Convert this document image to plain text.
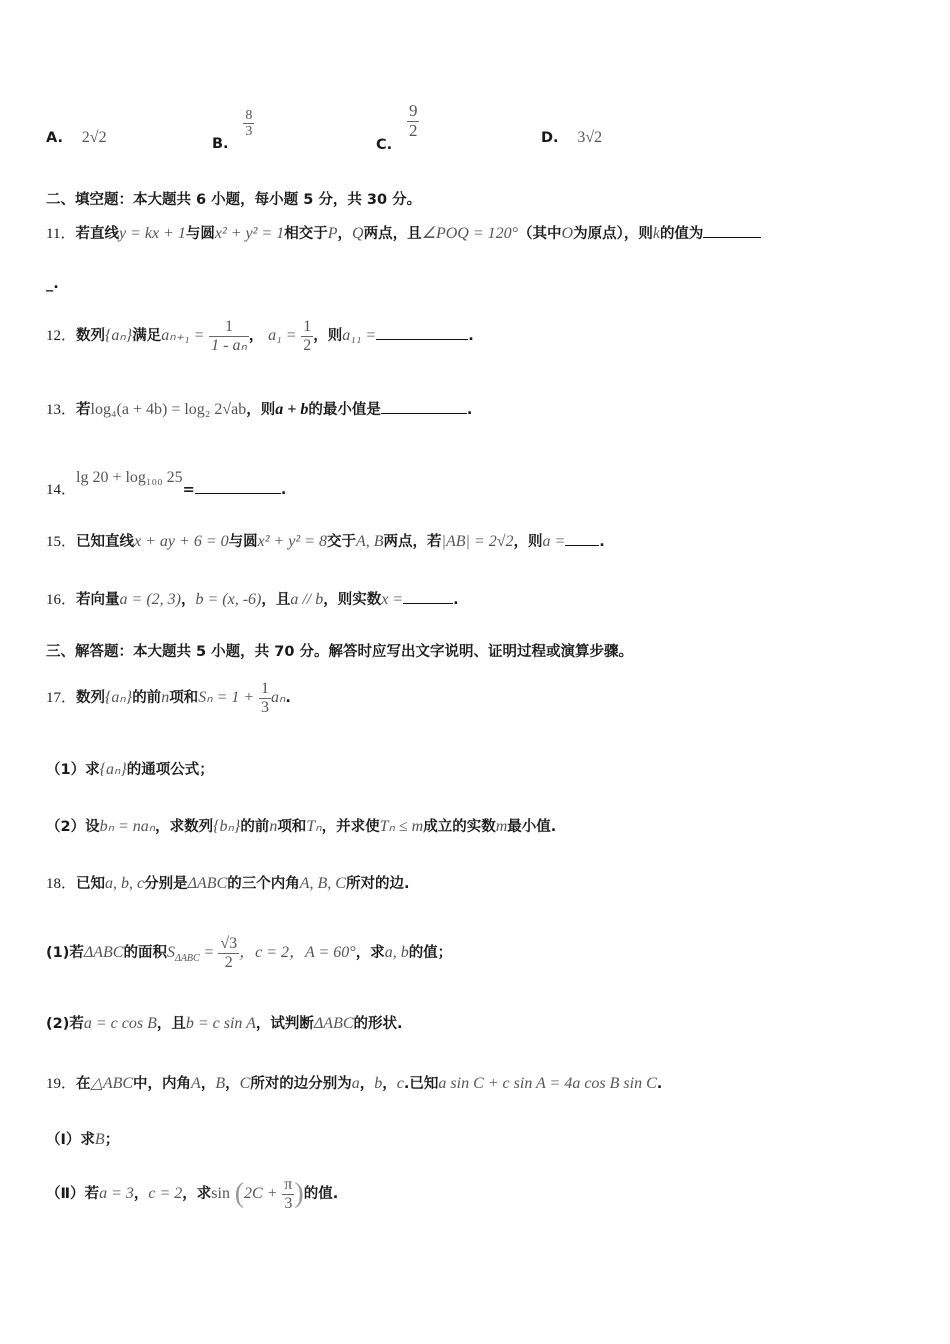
A. 2√2	B.
$\frac{8}{3}$
C.
$\frac{9}{2}$	D. 3√2
二、填空题：本大题共 6 小题，每小题 5 分，共 30 分。
11．若直线y = kx + 1与圆x² + y² = 1相交于P，Q两点，且∠POQ = 120°（其中O为原点），则k的值为
_.
12．数列{aₙ}满足$a_{n+1} = \frac{1}{\text{1 - aₙ}}$ ， $a_1 = \frac{1}{2}$ ，则a₁₁ =	.
13．若log₄(a + 4b) = log₂ 2√ab，则a + b的最小值是	.
14．lg 20 + log₁₀₀ 25=	.
15．已知直线x + ay + 6 = 0与圆x² + y² = 8交于A, B两点，若|AB| = 2√2，则a = .
16．若向量a = (2, 3)，b = (x, -6)，且a // b，则实数x =	.
三、解答题：本大题共 5 小题，共 70 分。解答时应写出文字说明、证明过程或演算步骤。
17．数列{aₙ}的前n项和$S_n = 1 + \frac{1}{3} a_n$.
（1）求{aₙ}的通项公式；
（2）设bₙ = naₙ，求数列{bₙ}的前n项和Tₙ，并求使Tₙ ≤ m成立的实数m最小值.
18．已知a, b, c分别是ΔABC的三个内角A, B, C所对的边.
(1)若ΔABC的面积$S_{\Delta ABC} = \frac{√3}{2}$ ，c = 2，A = 60°，求a, b的值；
(2)若a = c cos B，且b = c sin A，试判断ΔABC的形状.
19．在△ABC中，内角A，B，C所对的边分别为a，b，c.已知a sin C + c sin A = 4a cos B sin C.
（Ⅰ）求B；
（Ⅱ）若a = 3，c = 2，求$\sin (2C + \frac{\pi}{3}$ )的值.
